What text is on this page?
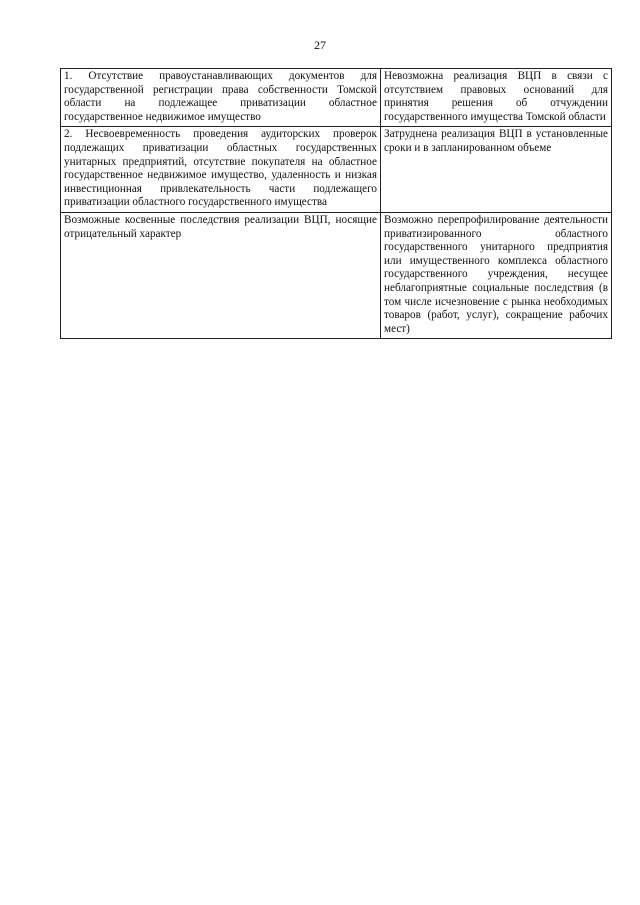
27
1. Отсутствие правоустанавливающих документов для государственной регистрации права собственности Томской области на подлежащее приватизации областное государственное недвижимое имущество	Невозможна реализация ВЦП в связи с отсутствием правовых оснований для принятия решения об отчуждении государственного имущества Томской области
2. Несвоевременность проведения аудиторских проверок подлежащих приватизации областных государственных унитарных предприятий, отсутствие покупателя на областное государственное недвижимое имущество, удаленность и низкая инвестиционная привлекательность части подлежащего приватизации областного государственного имущества	Затруднена реализация ВЦП в установленные сроки и в запланированном объеме
Возможные косвенные последствия реализации ВЦП, носящие отрицательный характер	Возможно перепрофилирование деятельности приватизированного областного государственного унитарного предприятия или имущественного комплекса областного государственного учреждения, несущее неблагоприятные социальные последствия (в том числе исчезновение с рынка необходимых товаров (работ, услуг), сокращение рабочих мест)
